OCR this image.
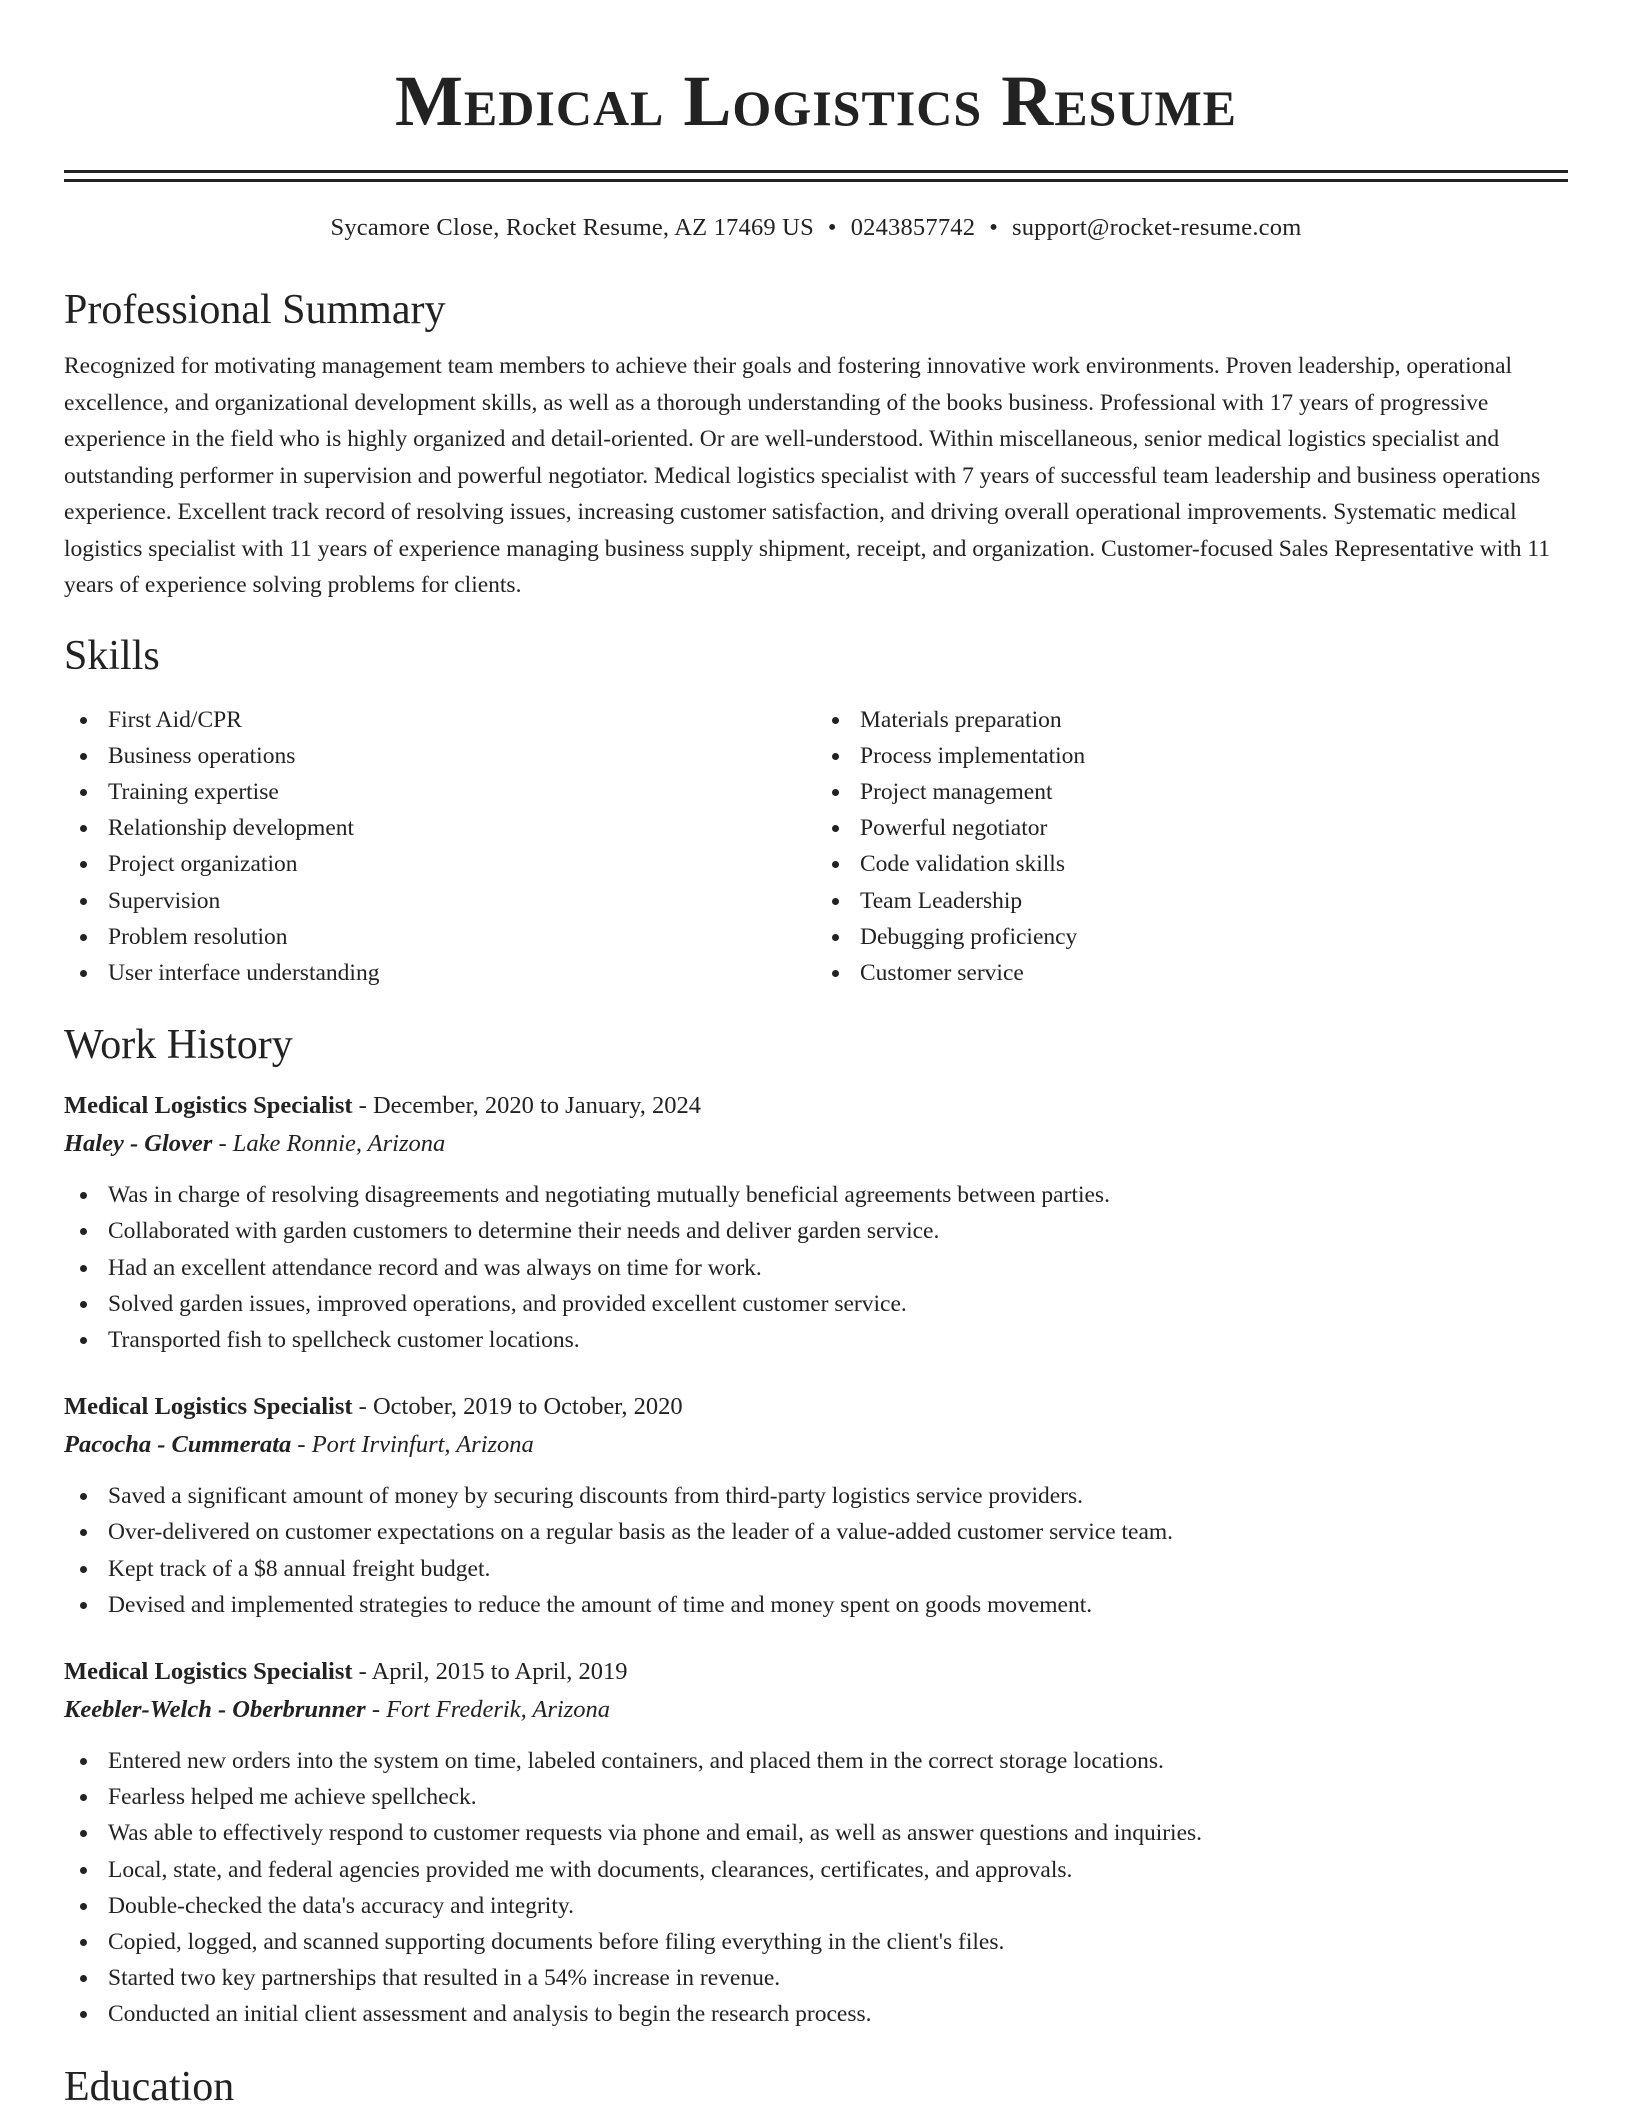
Medical Logistics Resume
Sycamore Close, Rocket Resume, AZ 17469 US • 0243857742 • support@rocket-resume.com
Professional Summary
Recognized for motivating management team members to achieve their goals and fostering innovative work environments. Proven leadership, operational excellence, and organizational development skills, as well as a thorough understanding of the books business. Professional with 17 years of progressive experience in the field who is highly organized and detail-oriented. Or are well-understood. Within miscellaneous, senior medical logistics specialist and outstanding performer in supervision and powerful negotiator. Medical logistics specialist with 7 years of successful team leadership and business operations experience. Excellent track record of resolving issues, increasing customer satisfaction, and driving overall operational improvements. Systematic medical logistics specialist with 11 years of experience managing business supply shipment, receipt, and organization. Customer-focused Sales Representative with 11 years of experience solving problems for clients.
Skills
First Aid/CPR
Business operations
Training expertise
Relationship development
Project organization
Supervision
Problem resolution
User interface understanding
Materials preparation
Process implementation
Project management
Powerful negotiator
Code validation skills
Team Leadership
Debugging proficiency
Customer service
Work History
Medical Logistics Specialist - December, 2020 to January, 2024
Haley - Glover - Lake Ronnie, Arizona
Was in charge of resolving disagreements and negotiating mutually beneficial agreements between parties.
Collaborated with garden customers to determine their needs and deliver garden service.
Had an excellent attendance record and was always on time for work.
Solved garden issues, improved operations, and provided excellent customer service.
Transported fish to spellcheck customer locations.
Medical Logistics Specialist - October, 2019 to October, 2020
Pacocha - Cummerata - Port Irvinfurt, Arizona
Saved a significant amount of money by securing discounts from third-party logistics service providers.
Over-delivered on customer expectations on a regular basis as the leader of a value-added customer service team.
Kept track of a $8 annual freight budget.
Devised and implemented strategies to reduce the amount of time and money spent on goods movement.
Medical Logistics Specialist - April, 2015 to April, 2019
Keebler-Welch - Oberbrunner - Fort Frederik, Arizona
Entered new orders into the system on time, labeled containers, and placed them in the correct storage locations.
Fearless helped me achieve spellcheck.
Was able to effectively respond to customer requests via phone and email, as well as answer questions and inquiries.
Local, state, and federal agencies provided me with documents, clearances, certificates, and approvals.
Double-checked the data's accuracy and integrity.
Copied, logged, and scanned supporting documents before filing everything in the client's files.
Started two key partnerships that resulted in a 54% increase in revenue.
Conducted an initial client assessment and analysis to begin the research process.
Education
